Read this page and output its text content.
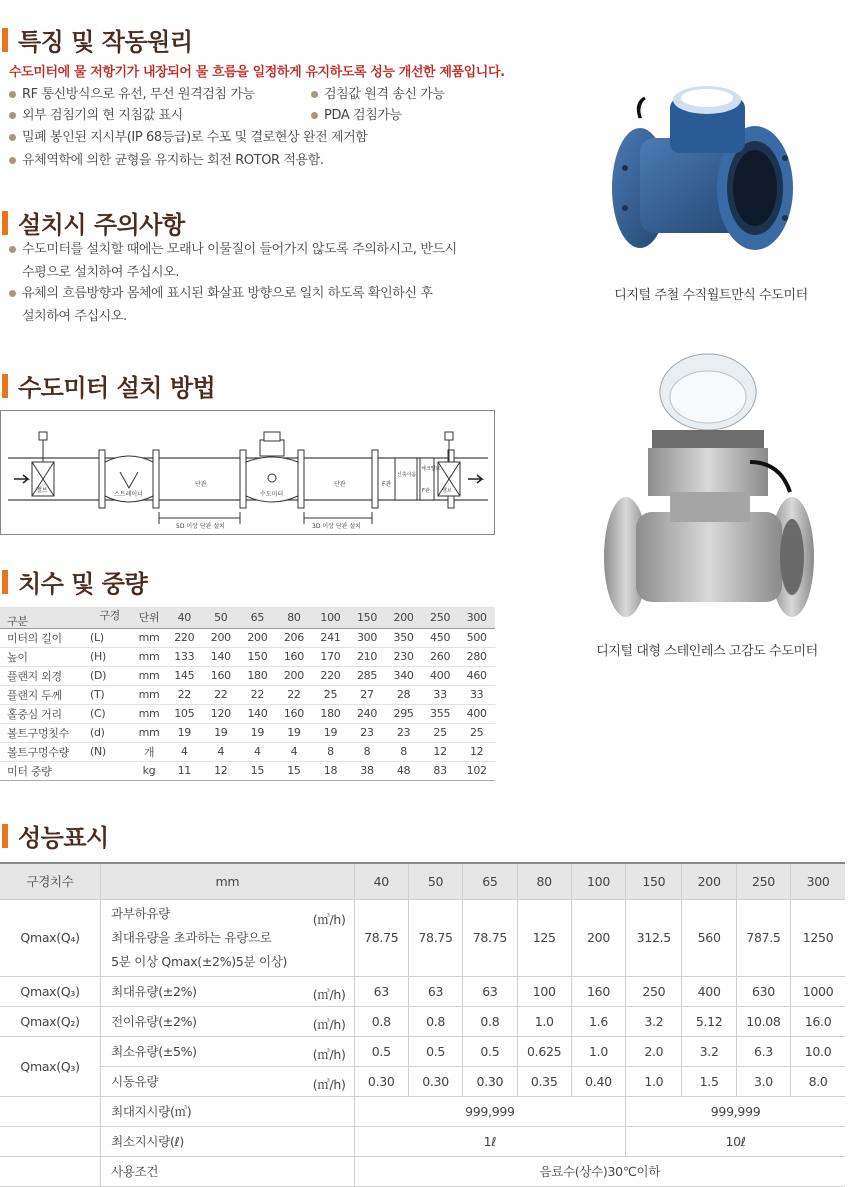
특징 및 작동원리
수도미터에 물 저항기가 내장되어 물 흐름을 일정하게 유지하도록 성능 개선한 제품입니다.
RF 통신방식으로 유선, 무선 원격검침 가능	검침값 원격 송신 가능
외부 검침기의 현 지침값 표시	PDA 검침가능
밀폐 봉인된 지시부(IP 68등급)로 수포 및 결로현상 완전 제거함
유체역학에 의한 균형을 유지하는 회전 ROTOR 적용함.
디지털 주철 수직월트만식 수도미터
설치시 주의사항
수도미터를 설치할 때에는 모래나 이물질이 들어가지 않도록 주의하시고, 반드시
수평으로 설치하여 주십시오.
유체의 흐름방향과 몸체에 표시된 화살표 방향으로 일치 하도록 확인하신 후
설치하여 주십시오.
수도미터 설치 방법
밸브
스트레이너
단관
수도미터
단관	F관
신축이음
체크밸브
F관 밸브
5D 이상 단관 설치	3D 이상 단관 설치
디지털 대형 스테인레스 고감도 수도미터
치수 및 중량
구경
구분		단위	40	50	65	80	100	150	200	250	300
미터의 길이	(L)	mm	220	200	200	206	241	300	350	450	500
높이	(H)	mm	133	140	150	160	170	210	230	260	280
플랜지 외경	(D)	mm	145	160	180	200	220	285	340	400	460
플랜지 두께	(T)	mm	22	22	22	22	25	27	28	33	33
홀중심 거리	(C)	mm	105	120	140	160	180	240	295	355	400
볼트구멍칫수	(d)	mm	19	19	19	19	19	23	23	25	25
볼트구멍수량	(N)	개	4	4	4	4	8	8	8	12	12
미터 중량		kg	11	12	15	15	18	38	48	83	102
성능표시
구경치수	mm	40	50	65	80	100	150	200	250	300
Qmax(Q₄)	과부하유량
최대유량을 초과하는 유량으로
5분 이상 Qmax(±2%)5분 이상)
(㎥/h)	78.75	78.75	78.75	125	200	312.5	560	787.5	1250
Qmax(Q₃)	최대유량(±2%) (㎥/h)	63	63	63	100	160	250	400	630	1000
Qmax(Q₂)	전이유량(±2%) (㎥/h)	0.8	0.8	0.8	1.0	1.6	3.2	5.12	10.08	16.0
Qmax(Q₃)	최소유량(±5%) (㎥/h)	0.5	0.5	0.5	0.625	1.0	2.0	3.2	6.3	10.0
	시동유량 (㎥/h)	0.30	0.30	0.30	0.35	0.40	1.0	1.5	3.0	8.0
	최대지시량(㎥)	999,999					999,999			
	최소지시량(ℓ)	1ℓ					10ℓ			
	사용조건	음료수(상수)30℃이하								
